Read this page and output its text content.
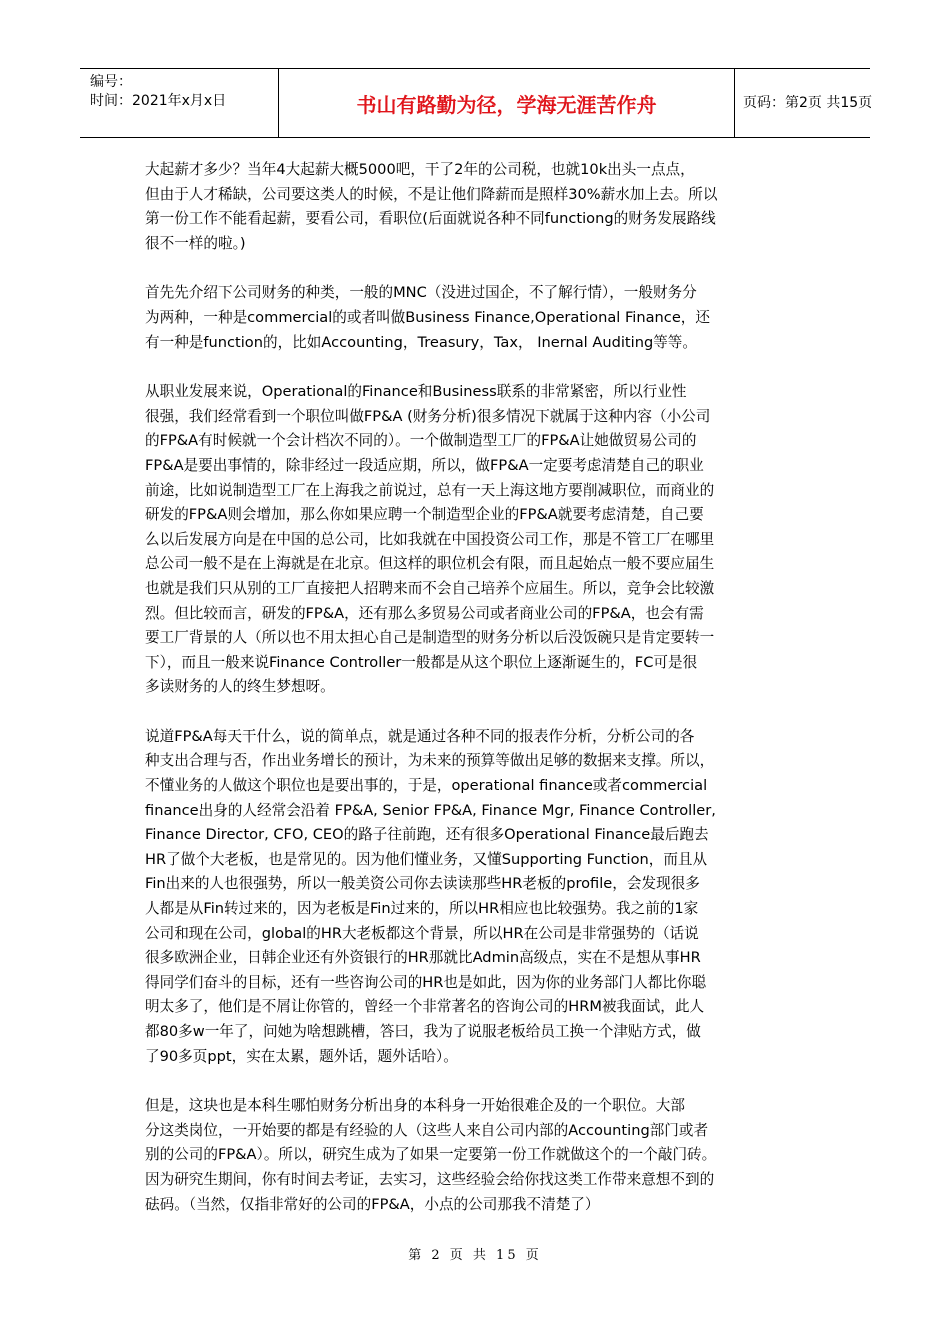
编号：
时间：2021年x月x日	书山有路勤为径，学海无涯苦作舟	页码：第2页 共15页
大起薪才多少？当年4大起薪大概5000吧，干了2年的公司税，也就10k出头一点点，
但由于人才稀缺，公司要这类人的时候，不是让他们降薪而是照样30%薪水加上去。所以
第一份工作不能看起薪，要看公司，看职位(后面就说各种不同functiong的财务发展路线
很不一样的啦。)
首先先介绍下公司财务的种类，一般的MNC（没进过国企，不了解行情），一般财务分
为两种，一种是commercial的或者叫做Business Finance,Operational Finance，还
有一种是function的，比如Accounting，Treasury，Tax， Inernal Auditing等等。
从职业发展来说，Operational的Finance和Business联系的非常紧密，所以行业性
很强，我们经常看到一个职位叫做FP&A (财务分析)很多情况下就属于这种内容（小公司
的FP&A有时候就一个会计档次不同的）。一个做制造型工厂的FP&A让她做贸易公司的
FP&A是要出事情的，除非经过一段适应期，所以，做FP&A一定要考虑清楚自己的职业
前途，比如说制造型工厂在上海我之前说过，总有一天上海这地方要削减职位，而商业的
研发的FP&A则会增加，那么你如果应聘一个制造型企业的FP&A就要考虑清楚，自己要
么以后发展方向是在中国的总公司，比如我就在中国投资公司工作，那是不管工厂在哪里
总公司一般不是在上海就是在北京。但这样的职位机会有限，而且起始点一般不要应届生
也就是我们只从别的工厂直接把人招聘来而不会自己培养个应届生。所以，竞争会比较激
烈。但比较而言，研发的FP&A，还有那么多贸易公司或者商业公司的FP&A，也会有需
要工厂背景的人（所以也不用太担心自己是制造型的财务分析以后没饭碗只是肯定要转一
下），而且一般来说Finance Controller一般都是从这个职位上逐渐诞生的，FC可是很
多读财务的人的终生梦想呀。
说道FP&A每天干什么，说的简单点，就是通过各种不同的报表作分析，分析公司的各
种支出合理与否，作出业务增长的预计，为未来的预算等做出足够的数据来支撑。所以，
不懂业务的人做这个职位也是要出事的，于是，operational finance或者commercial
finance出身的人经常会沿着 FP&A, Senior FP&A, Finance Mgr, Finance Controller,
Finance Director, CFO, CEO的路子往前跑，还有很多Operational Finance最后跑去
HR了做个大老板，也是常见的。因为他们懂业务，又懂Supporting Function，而且从
Fin出来的人也很强势，所以一般美资公司你去读读那些HR老板的profile，会发现很多
人都是从Fin转过来的，因为老板是Fin过来的，所以HR相应也比较强势。我之前的1家
公司和现在公司，global的HR大老板都这个背景，所以HR在公司是非常强势的（话说
很多欧洲企业，日韩企业还有外资银行的HR那就比Admin高级点，实在不是想从事HR
得同学们奋斗的目标，还有一些咨询公司的HR也是如此，因为你的业务部门人都比你聪
明太多了，他们是不屑让你管的，曾经一个非常著名的咨询公司的HRM被我面试，此人
都80多w一年了，问她为啥想跳槽，答曰，我为了说服老板给员工换一个津贴方式，做
了90多页ppt，实在太累，题外话，题外话哈）。
但是，这块也是本科生哪怕财务分析出身的本科身一开始很难企及的一个职位。大部
分这类岗位，一开始要的都是有经验的人（这些人来自公司内部的Accounting部门或者
别的公司的FP&A）。所以，研究生成为了如果一定要第一份工作就做这个的一个敲门砖。
因为研究生期间，你有时间去考证，去实习，这些经验会给你找这类工作带来意想不到的
砝码。（当然，仅指非常好的公司的FP&A，小点的公司那我不清楚了）
第 2 页 共 15 页
